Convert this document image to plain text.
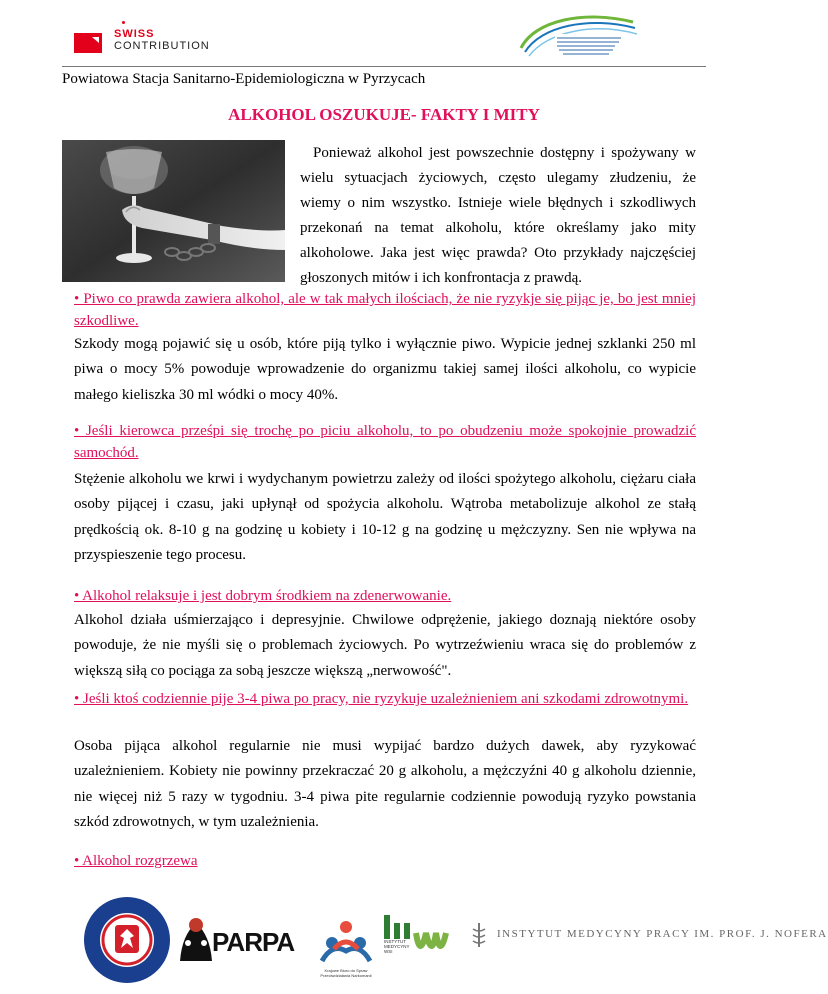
SWISS
CONTRIBUTION
Powiatowa Stacja Sanitarno-Epidemiologiczna w Pyrzycach
ALKOHOL OSZUKUJE- FAKTY I MITY
Ponieważ alkohol jest powszechnie dostępny i spożywany w wielu sytuacjach życiowych, często ulegamy złudzeniu, że wiemy o nim wszystko. Istnieje wiele błędnych i szkodliwych przekonań na temat alkoholu, które określamy jako mity alkoholowe. Jaka jest więc prawda? Oto przykłady najczęściej głoszonych mitów i ich konfrontacja z prawdą.
• Piwo co prawda zawiera alkohol, ale w tak małych ilościach, że nie ryzykje się pijąc je, bo jest mniej szkodliwe.
Szkody mogą pojawić się u osób, które piją tylko i wyłącznie piwo. Wypicie jednej szklanki 250 ml piwa o mocy 5% powoduje wprowadzenie do organizmu takiej samej ilości alkoholu, co wypicie małego kieliszka 30 ml wódki o mocy 40%.
• Jeśli kierowca prześpi się trochę po piciu alkoholu, to po obudzeniu może spokojnie prowadzić samochód.
Stężenie alkoholu we krwi i wydychanym powietrzu zależy od ilości spożytego alkoholu, ciężaru ciała osoby pijącej i czasu, jaki upłynął od spożycia alkoholu. Wątroba metabolizuje alkohol ze stałą prędkością ok. 8-10 g na godzinę u kobiety i 10-12 g na godzinę u mężczyzny. Sen nie wpływa na przyspieszenie tego procesu.
• Alkohol relaksuje i jest dobrym środkiem na zdenerwowanie.
Alkohol działa uśmierzająco i depresyjnie. Chwilowe odprężenie, jakiego doznają niektóre osoby powoduje, że nie myśli się o problemach życiowych. Po wytrzeźwieniu wraca się do problemów z większą siłą co pociąga za sobą jeszcze większą „nerwowość".
• Jeśli ktoś codziennie pije 3-4 piwa po pracy, nie ryzykuje uzależnieniem ani szkodami zdrowotnymi.
Osoba pijąca alkohol regularnie nie musi wypijać bardzo dużych dawek, aby ryzykować uzależnieniem. Kobiety nie powinny przekraczać 20 g alkoholu, a mężczyźni 40 g alkoholu dziennie, nie więcej niż 5 razy w tygodniu. 3-4 piwa pite regularnie codziennie powodują ryzyko powstania szkód zdrowotnych, w tym uzależnienia.
• Alkohol rozgrzewa
PARPA
Krajowe Biuro do Spraw Przeciwdziałania Narkomanii
INSTYTUT MEDYCYNY WSI
INSTYTUT MEDYCYNY PRACY IM. PROF. J. NOFERA
